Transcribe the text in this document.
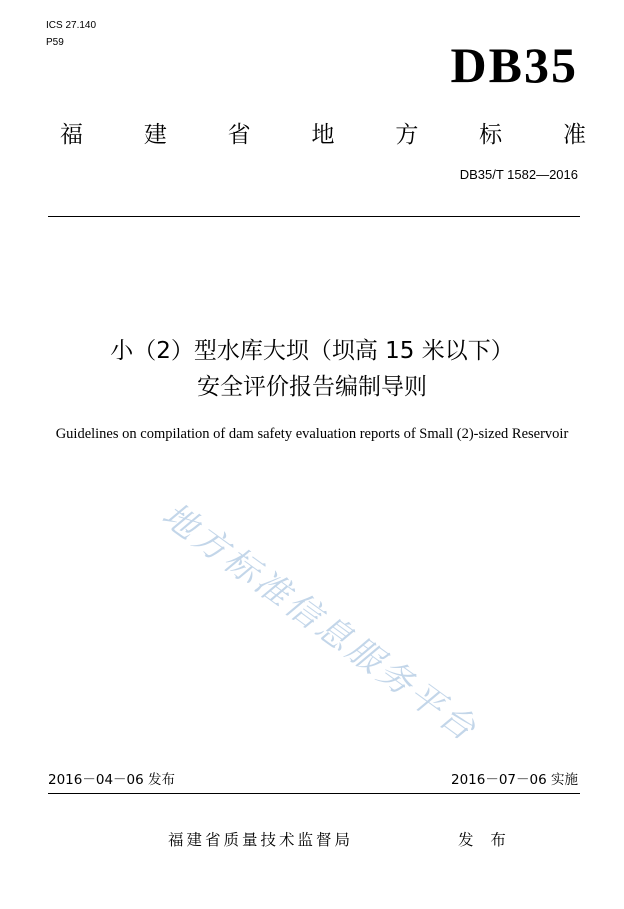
ICS 27.140
P59	DB35
福	建	省	地	方	标	准
DB35/T 1582—2016
小（2）型水库大坝（坝高 15 米以下）
安全评价报告编制导则
Guidelines on compilation of dam safety evaluation reports of Small (2)-sized Reservoir
地方标准信息服务平台
2016－04－06 发布	2016－07－06 实施
福建省质量技术监督局	发 布
